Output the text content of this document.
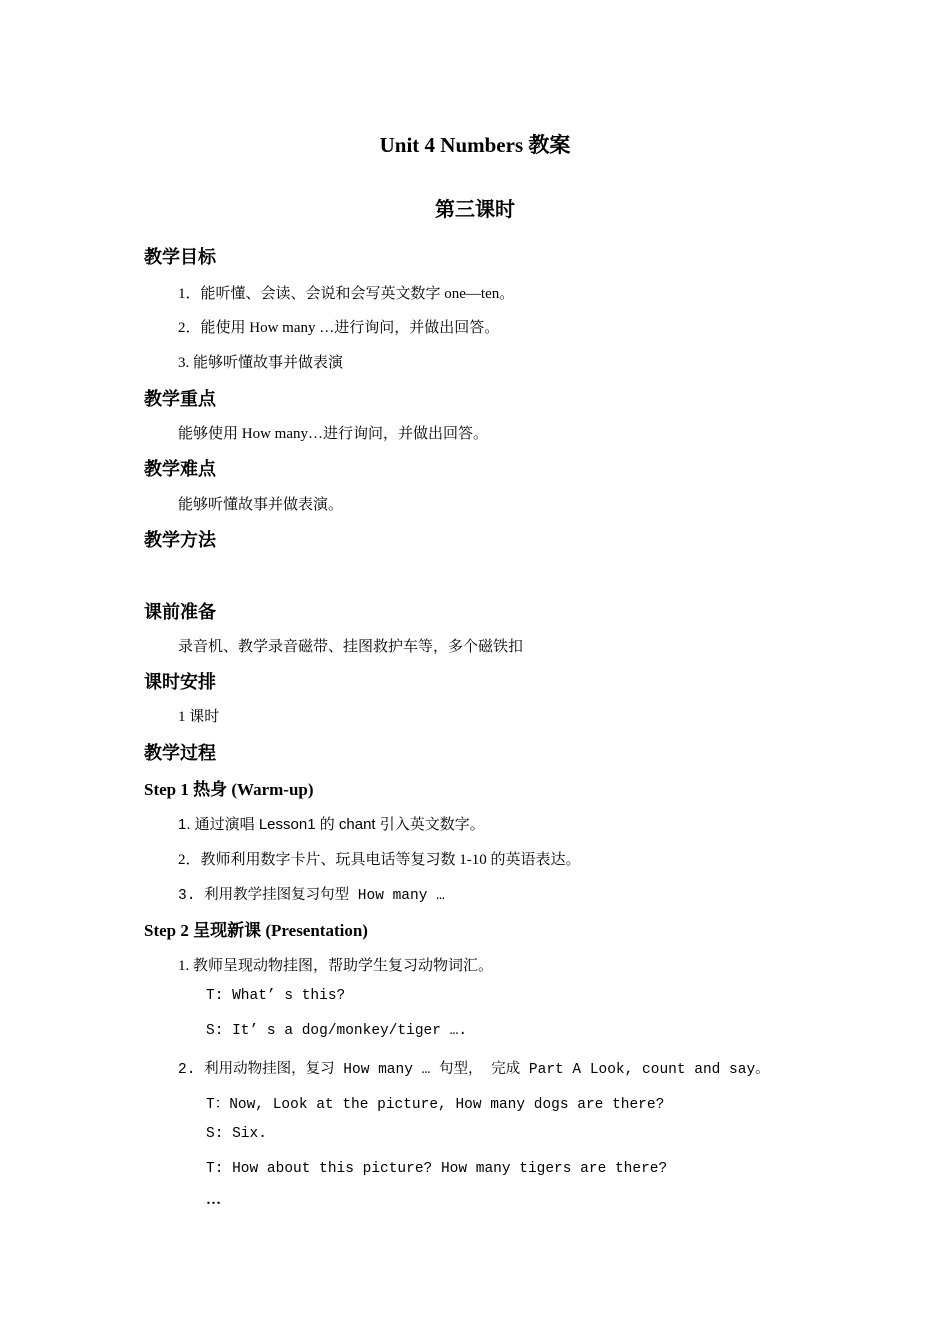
Unit 4 Numbers 教案
第三课时
教学目标
1．能听懂、会读、会说和会写英文数字 one—ten。
2．能使用 How many …进行询问，并做出回答。
3. 能够听懂故事并做表演
教学重点
能够使用 How many…进行询问，并做出回答。
教学难点
能够听懂故事并做表演。
教学方法
课前准备
录音机、教学录音磁带、挂图救护车等，多个磁铁扣
课时安排
1 课时
教学过程
Step 1 热身 (Warm-up)
1. 通过演唱 Lesson1 的 chant 引入英文数字。
2．教师利用数字卡片、玩具电话等复习数 1-10 的英语表达。
3. 利用教学挂图复习句型 How many …
Step 2 呈现新课 (Presentation)
1. 教师呈现动物挂图，帮助学生复习动物词汇。
T: What’ s this?
S: It’ s a dog/monkey/tiger ….
2. 利用动物挂图，复习 How many … 句型， 完成 Part A Look, count and say。
T：Now, Look at the picture, How many dogs are there?
S: Six.
T: How about this picture? How many tigers are there?
…
